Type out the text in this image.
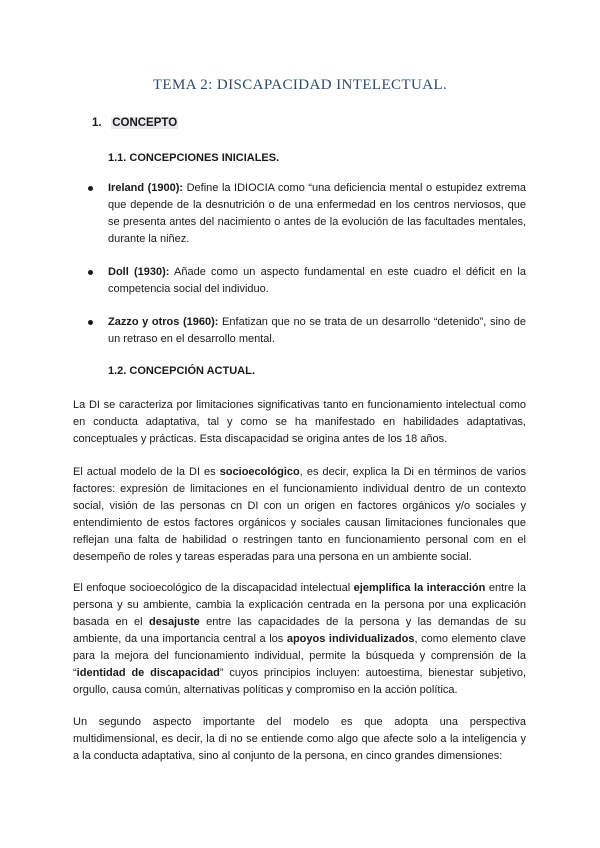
TEMA 2: DISCAPACIDAD INTELECTUAL.
1. CONCEPTO
1.1. CONCEPCIONES INICIALES.
Ireland (1900): Define la IDIOCIA como “una deficiencia mental o estupidez extrema que depende de la desnutrición o de una enfermedad en los centros nerviosos, que se presenta antes del nacimiento o antes de la evolución de las facultades mentales, durante la niñez.
Doll (1930): Añade como un aspecto fundamental en este cuadro el déficit en la competencia social del individuo.
Zazzo y otros (1960): Enfatizan que no se trata de un desarrollo “detenido”, sino de un retraso en el desarrollo mental.
1.2. CONCEPCIÓN ACTUAL.
La DI se caracteriza por limitaciones significativas tanto en funcionamiento intelectual como en conducta adaptativa, tal y como se ha manifestado en habilidades adaptativas, conceptuales y prácticas. Esta discapacidad se origina antes de los 18 años.
El actual modelo de la DI es socioecológico, es decir, explica la Di en términos de varios factores: expresión de limitaciones en el funcionamiento individual dentro de un contexto social, visión de las personas cn DI con un origen en factores orgánicos y/o sociales y entendimiento de estos factores orgánicos y sociales causan limitaciones funcionales que reflejan una falta de habilidad o restringen tanto en funcionamiento personal com en el desempeño de roles y tareas esperadas para una persona en un ambiente social.
El enfoque socioecológico de la discapacidad intelectual ejemplifica la interacción entre la persona y su ambiente, cambia la explicación centrada en la persona por una explicación basada en el desajuste entre las capacidades de la persona y las demandas de su ambiente, da una importancia central a los apoyos individualizados, como elemento clave para la mejora del funcionamiento individual, permite la búsqueda y comprensión de la “identidad de discapacidad” cuyos principios incluyen: autoestima, bienestar subjetivo, orgullo, causa común, alternativas políticas y compromiso en la acción política.
Un segundo aspecto importante del modelo es que adopta una perspectiva multidimensional, es decir, la di no se entiende como algo que afecte solo a la inteligencia y a la conducta adaptativa, sino al conjunto de la persona, en cinco grandes dimensiones:
